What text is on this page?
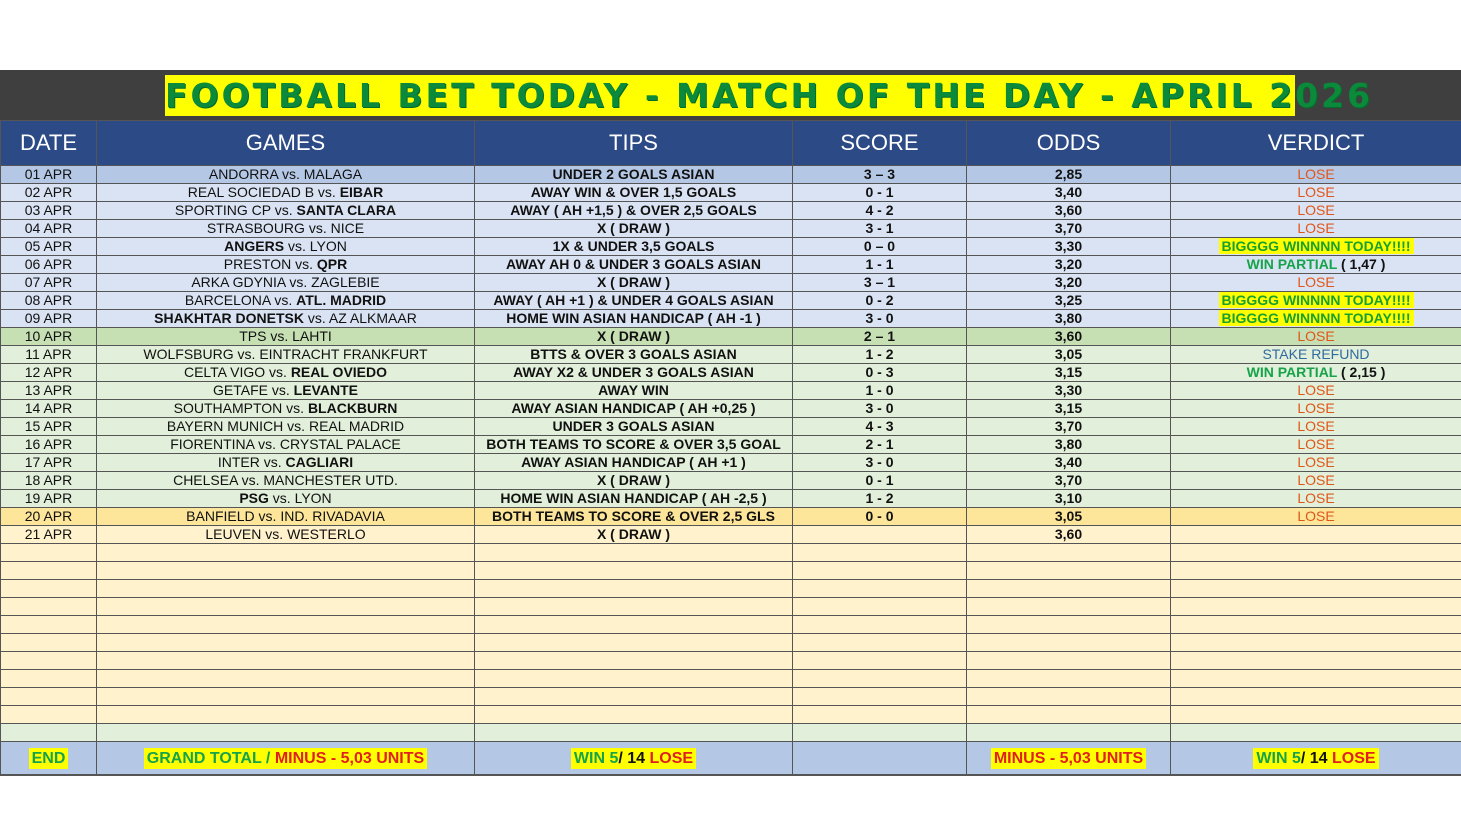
FOOTBALL BET TODAY - MATCH OF THE DAY - APRIL 2026
DATE	GAMES	TIPS	SCORE	ODDS	VERDICT
01 APR	ANDORRA vs. MALAGA	UNDER 2 GOALS ASIAN	3 – 3	2,85	LOSE
02 APR	REAL SOCIEDAD B vs. EIBAR	AWAY WIN & OVER 1,5 GOALS	0 - 1	3,40	LOSE
03 APR	SPORTING CP vs. SANTA CLARA	AWAY ( AH +1,5 ) & OVER 2,5 GOALS	4 - 2	3,60	LOSE
04 APR	STRASBOURG vs. NICE	X ( DRAW )	3 - 1	3,70	LOSE
05 APR	ANGERS vs. LYON	1X & UNDER 3,5 GOALS	0 – 0	3,30	BIGGGG WINNNN TODAY!!!!
06 APR	PRESTON vs. QPR	AWAY AH 0 & UNDER 3 GOALS ASIAN	1 - 1	3,20	WIN PARTIAL ( 1,47 )
07 APR	ARKA GDYNIA vs. ZAGLEBIE	X ( DRAW )	3 – 1	3,20	LOSE
08 APR	BARCELONA vs. ATL. MADRID	AWAY ( AH +1 ) & UNDER 4 GOALS ASIAN	0 - 2	3,25	BIGGGG WINNNN TODAY!!!!
09 APR	SHAKHTAR DONETSK vs. AZ ALKMAAR	HOME WIN ASIAN HANDICAP ( AH -1 )	3 - 0	3,80	BIGGGG WINNNN TODAY!!!!
10 APR	TPS vs. LAHTI	X ( DRAW )	2 – 1	3,60	LOSE
11 APR	WOLFSBURG vs. EINTRACHT FRANKFURT	BTTS & OVER 3 GOALS ASIAN	1 - 2	3,05	STAKE REFUND
12 APR	CELTA VIGO vs. REAL OVIEDO	AWAY X2 & UNDER 3 GOALS ASIAN	0 - 3	3,15	WIN PARTIAL ( 2,15 )
13 APR	GETAFE vs. LEVANTE	AWAY WIN	1 - 0	3,30	LOSE
14 APR	SOUTHAMPTON vs. BLACKBURN	AWAY ASIAN HANDICAP ( AH +0,25 )	3 - 0	3,15	LOSE
15 APR	BAYERN MUNICH vs. REAL MADRID	UNDER 3 GOALS ASIAN	4 - 3	3,70	LOSE
16 APR	FIORENTINA vs. CRYSTAL PALACE	BOTH TEAMS TO SCORE & OVER 3,5 GOAL	2 - 1	3,80	LOSE
17 APR	INTER vs. CAGLIARI	AWAY ASIAN HANDICAP ( AH +1 )	3 - 0	3,40	LOSE
18 APR	CHELSEA vs. MANCHESTER UTD.	X ( DRAW )	0 - 1	3,70	LOSE
19 APR	PSG vs. LYON	HOME WIN ASIAN HANDICAP ( AH -2,5 )	1 - 2	3,10	LOSE
20 APR	BANFIELD vs. IND. RIVADAVIA	BOTH TEAMS TO SCORE & OVER 2,5 GLS	0 - 0	3,05	LOSE
21 APR	LEUVEN vs. WESTERLO	X ( DRAW )		3,60	

END	GRAND TOTAL / MINUS - 5,03 UNITS	WIN 5/ 14 LOSE		MINUS - 5,03 UNITS	WIN 5/ 14 LOSE
